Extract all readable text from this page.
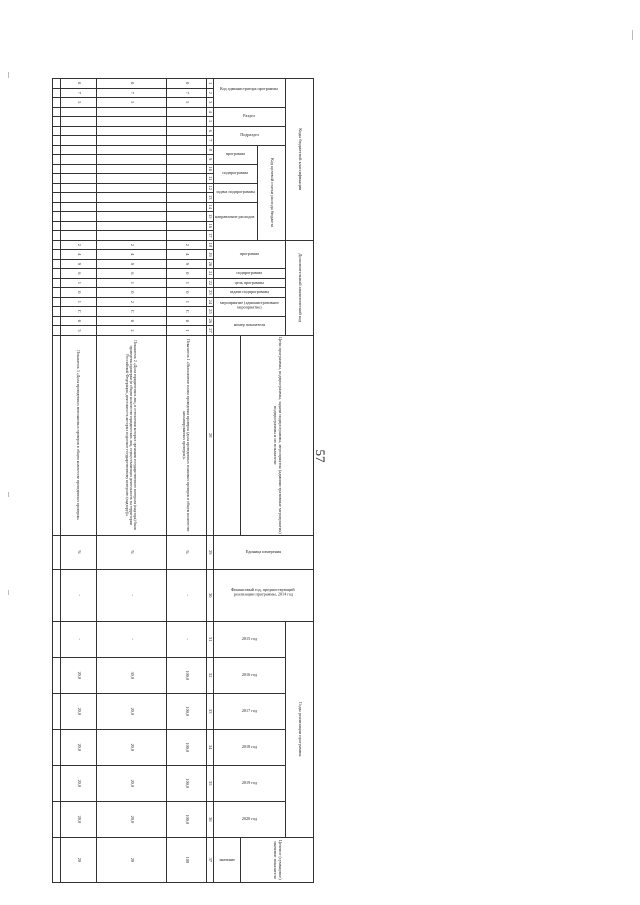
57
Коды бюджетной классификации																	Дополнительный аналитический код										Цели программы, подпрограммы, задачи подпрограммы, мероприятия (административные мероприятия) подпрограммы и их показатели	Единица измерения	Финансовый год, предшествующий реализации программы, 2014 год	Годы реализации программы						Целевое (суммарное) значение показателя

Код администратора программы			Раздел		Подраздел		Код целевой статьи расхода бюджета										программа			подпрограмма	цель программы	задачи подпрограммы	мероприятие (административное мероприятие)		номер показателя					2015 год	2016 год	2017 год	2018 год	2019 год	2020 год	

							программа		подпрограмма		задача подпрограммы		направление расходов																							

																																				значение

1	2	3	4	5	6	7	8	9	10	11	12	13	14	15	16	17	18	19	20	21	22	23	24	25	26	27	28	29	30	31	32	33	34	35	36	37
0	7	5															2	4	9	0	1	0	1	С	0	1	Показатель 1 «Выполнение плана проведения проверок (доля проведенных плановых проверок в общем количестве запланированных проверок)»	%	-	-	100,0	100,0	100,0	100,0	100,0	100
0	7	5															2	4	9	6	1	0	2	С	0	2	Показатель 2 «Доля юридических лиц, в отношении которых органами государственного контроля (надзора) были проведены проверки (в общем количестве юридических лиц, осуществляющих деятельность на территории Российской Федерации, деятельность которых подлежит государственному контролю (надзору))»	%	-	-	30,0	20,0	20,0	20,0	20,0	20
0	7	5															2	4	9	6	1	0	1	С	0	3	Показатель 3 «Доля проведенных внеплановых проверок в общем количестве проведенных проверок»	%	-	-	20,0	20,0	20,0	20,0	20,0	20
